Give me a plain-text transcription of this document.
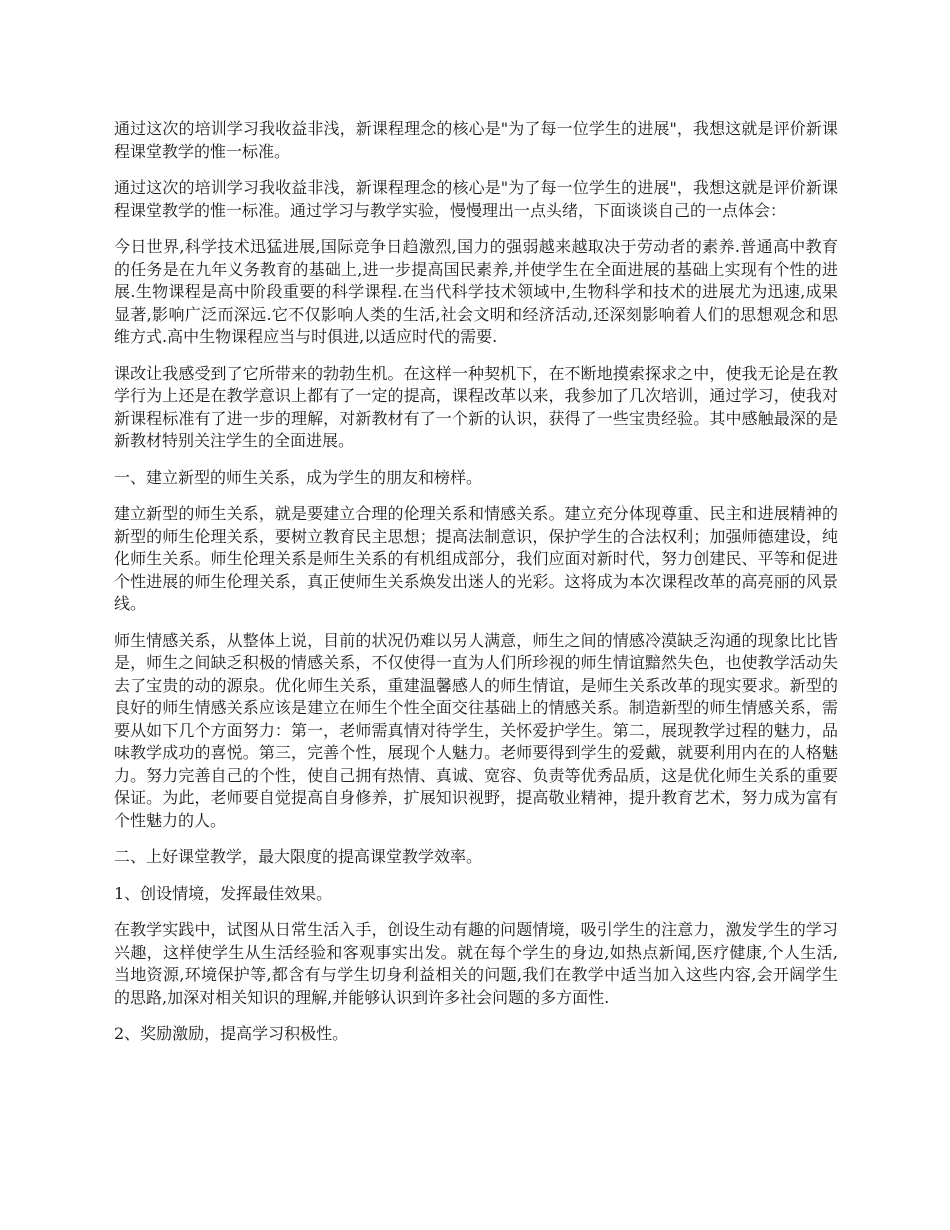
通过这次的培训学习我收益非浅，新课程理念的核心是"为了每一位学生的进展"，我想这就是评价新课程课堂教学的惟一标准。

通过这次的培训学习我收益非浅，新课程理念的核心是"为了每一位学生的进展"，我想这就是评价新课程课堂教学的惟一标准。通过学习与教学实验，慢慢理出一点头绪，下面谈谈自己的一点体会：

今日世界,科学技术迅猛进展,国际竞争日趋激烈,国力的强弱越来越取决于劳动者的素养.普通高中教育的任务是在九年义务教育的基础上,进一步提高国民素养,并使学生在全面进展的基础上实现有个性的进展.生物课程是高中阶段重要的科学课程.在当代科学技术领域中,生物科学和技术的进展尤为迅速,成果显著,影响广泛而深远.它不仅影响人类的生活,社会文明和经济活动,还深刻影响着人们的思想观念和思维方式.高中生物课程应当与时俱进,以适应时代的需要.

课改让我感受到了它所带来的勃勃生机。在这样一种契机下，在不断地摸索探求之中，使我无论是在教学行为上还是在教学意识上都有了一定的提高，课程改革以来，我参加了几次培训，通过学习，使我对新课程标准有了进一步的理解，对新教材有了一个新的认识，获得了一些宝贵经验。其中感触最深的是新教材特别关注学生的全面进展。

一、建立新型的师生关系，成为学生的朋友和榜样。

建立新型的师生关系，就是要建立合理的伦理关系和情感关系。建立充分体现尊重、民主和进展精神的新型的师生伦理关系，要树立教育民主思想；提高法制意识，保护学生的合法权利；加强师德建设，纯化师生关系。师生伦理关系是师生关系的有机组成部分，我们应面对新时代，努力创建民、平等和促进个性进展的师生伦理关系，真正使师生关系焕发出迷人的光彩。这将成为本次课程改革的高亮丽的风景线。

师生情感关系，从整体上说，目前的状况仍难以另人满意，师生之间的情感冷漠缺乏沟通的现象比比皆是，师生之间缺乏积极的情感关系，不仅使得一直为人们所珍视的师生情谊黯然失色，也使教学活动失去了宝贵的动的源泉。优化师生关系，重建温馨感人的师生情谊，是师生关系改革的现实要求。新型的良好的师生情感关系应该是建立在师生个性全面交往基础上的情感关系。制造新型的师生情感关系，需要从如下几个方面努力：第一，老师需真情对待学生，关怀爱护学生。第二，展现教学过程的魅力，品味教学成功的喜悦。第三，完善个性，展现个人魅力。老师要得到学生的爱戴，就要利用内在的人格魅力。努力完善自己的个性，使自己拥有热情、真诚、宽容、负责等优秀品质，这是优化师生关系的重要保证。为此，老师要自觉提高自身修养，扩展知识视野，提高敬业精神，提升教育艺术，努力成为富有个性魅力的人。

二、上好课堂教学，最大限度的提高课堂教学效率。

1、创设情境，发挥最佳效果。

在教学实践中，试图从日常生活入手，创设生动有趣的问题情境，吸引学生的注意力，激发学生的学习兴趣，这样使学生从生活经验和客观事实出发。就在每个学生的身边,如热点新闻,医疗健康,个人生活,当地资源,环境保护等,都含有与学生切身利益相关的问题,我们在教学中适当加入这些内容,会开阔学生的思路,加深对相关知识的理解,并能够认识到许多社会问题的多方面性.

2、奖励激励，提高学习积极性。
